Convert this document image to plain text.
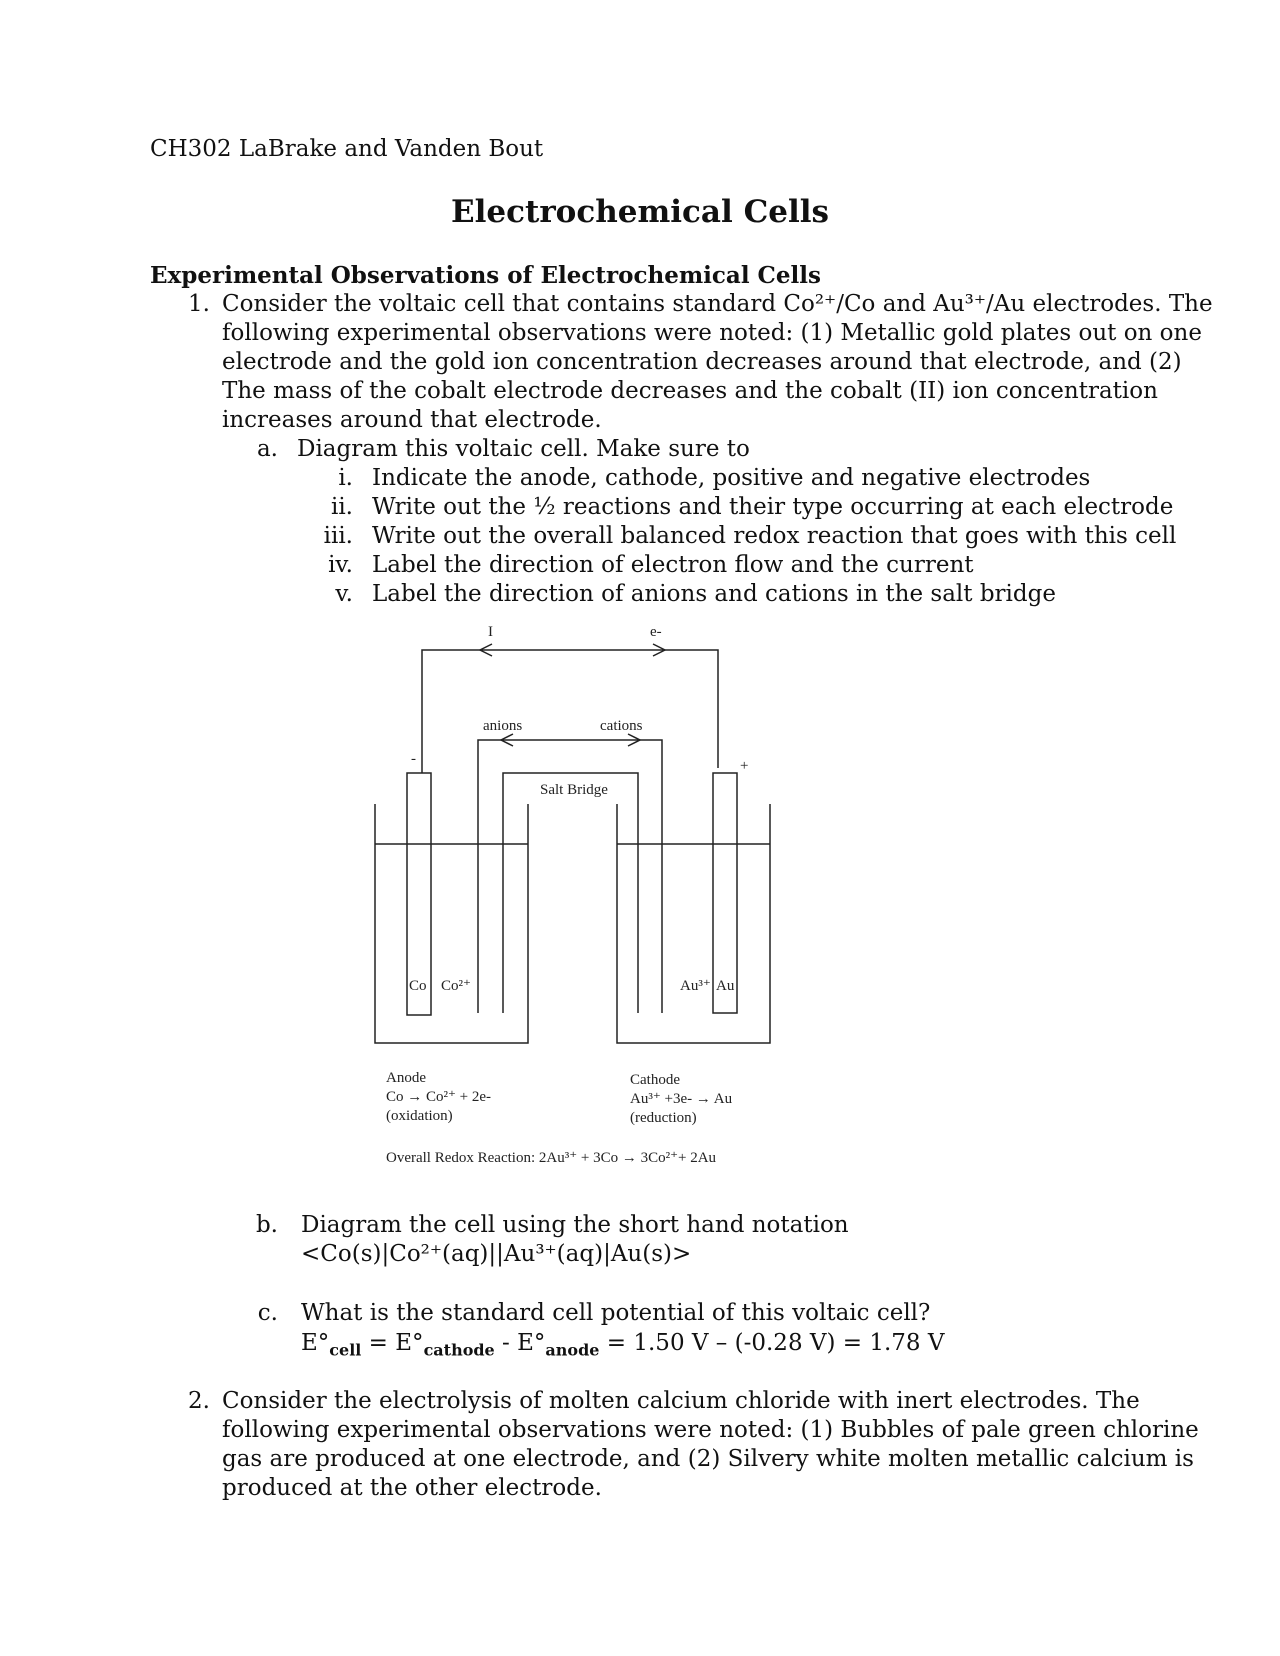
CH302 LaBrake and Vanden Bout
Electrochemical Cells
Experimental Observations of Electrochemical Cells
1. Consider the voltaic cell that contains standard Co²⁺/Co and Au³⁺/Au electrodes. The
following experimental observations were noted: (1) Metallic gold plates out on one
electrode and the gold ion concentration decreases around that electrode, and (2)
The mass of the cobalt electrode decreases and the cobalt (II) ion concentration
increases around that electrode.
a. Diagram this voltaic cell. Make sure to
i. Indicate the anode, cathode, positive and negative electrodes
ii. Write out the ½ reactions and their type occurring at each electrode
iii. Write out the overall balanced redox reaction that goes with this cell
iv. Label the direction of electron flow and the current
v. Label the direction of anions and cations in the salt bridge
I	e-
anions	cations
-	+
Salt Bridge
Co Co²⁺	Au³⁺ Au
Anode
Co → Co²⁺ + 2e-
(oxidation)
Cathode
Au³⁺ +3e- → Au
(reduction)
Overall Redox Reaction: 2Au³⁺ + 3Co → 3Co²⁺+ 2Au
b. Diagram the cell using the short hand notation
<Co(s)|Co²⁺(aq)||Au³⁺(aq)|Au(s)>
c. What is the standard cell potential of this voltaic cell?
$E^\circ_{cell} = E^\circ_{cathode} - E^\circ_{anode} = 1.50$ V – (-0.28 V) = 1.78 V
2. Consider the electrolysis of molten calcium chloride with inert electrodes. The
following experimental observations were noted: (1) Bubbles of pale green chlorine
gas are produced at one electrode, and (2) Silvery white molten metallic calcium is
produced at the other electrode.
